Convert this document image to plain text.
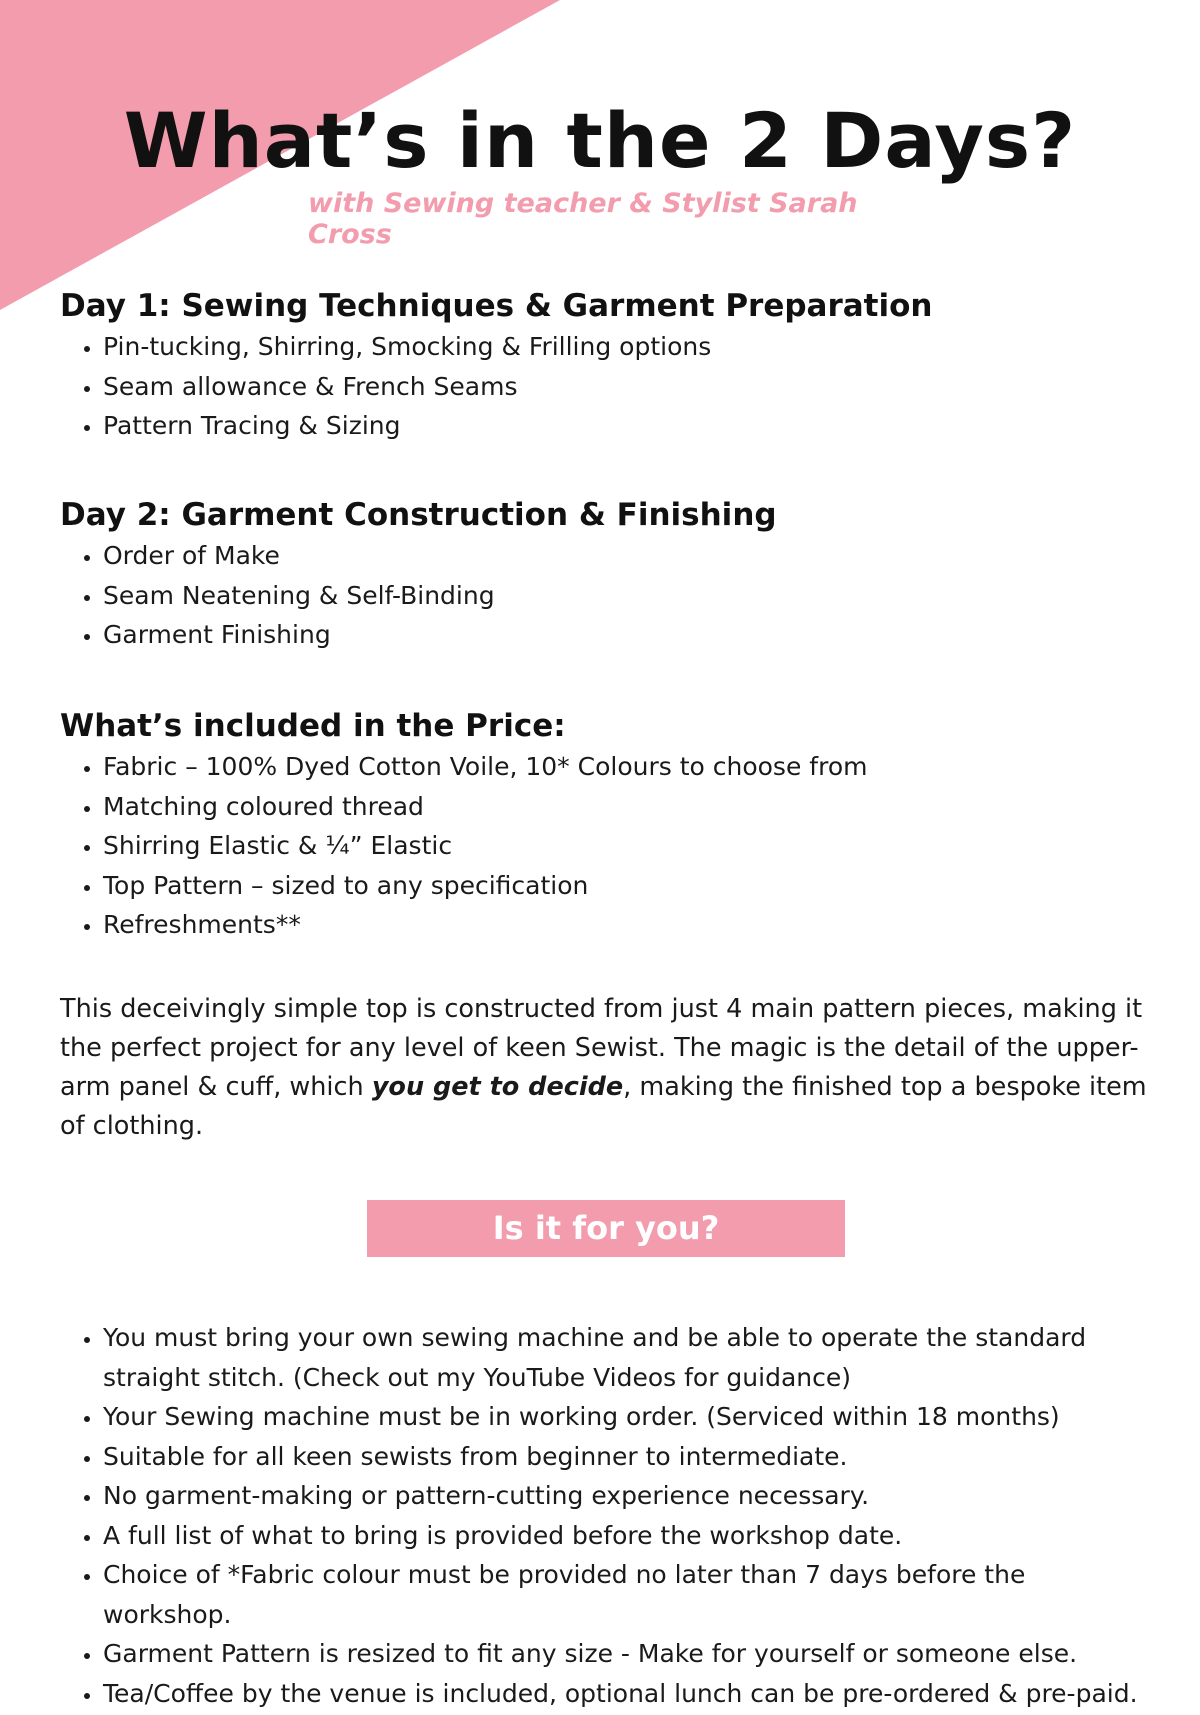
What’s in the 2 Days?

with Sewing teacher & Stylist Sarah Cross

Day 1: Sewing Techniques & Garment Preparation
• Pin-tucking, Shirring, Smocking & Frilling options
• Seam allowance & French Seams
• Pattern Tracing & Sizing
Day 2: Garment Construction & Finishing
• Order of Make
• Seam Neatening & Self-Binding
• Garment Finishing
What’s included in the Price:
• Fabric – 100% Dyed Cotton Voile, 10* Colours to choose from
• Matching coloured thread
• Shirring Elastic & ¼” Elastic
• Top Pattern – sized to any specification
• Refreshments**

This deceivingly simple top is constructed from just 4 main pattern pieces, making it the perfect project for any level of keen Sewist. The magic is the detail of the upper-arm panel & cuff, which you get to decide, making the finished top a bespoke item of clothing.

Is it for you?
• You must bring your own sewing machine and be able to operate the standard straight stitch. (Check out my YouTube Videos for guidance)
• Your Sewing machine must be in working order. (Serviced within 18 months)
• Suitable for all keen sewists from beginner to intermediate.
• No garment-making or pattern-cutting experience necessary.
• A full list of what to bring is provided before the workshop date.
• Choice of *Fabric colour must be provided no later than 7 days before the workshop.
• Garment Pattern is resized to fit any size - Make for yourself or someone else.
• Tea/Coffee by the venue is included, optional lunch can be pre-ordered & pre-paid.
